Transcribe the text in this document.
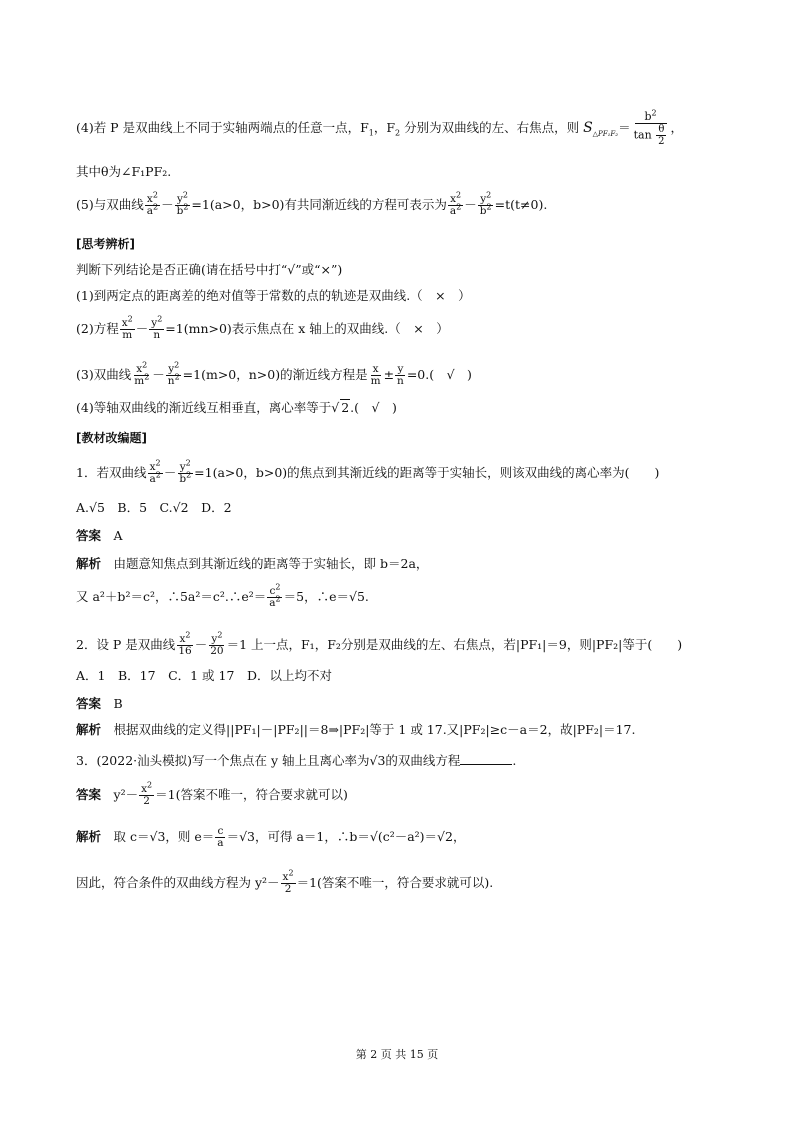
(4)若 P 是双曲线上不同于实轴两端点的任意一点，$F_1$，$F_2$ 分别为双曲线的左、右焦点，则 $S_{\triangle PF_1F_2}= \frac{b^2}{\tan \frac{\theta}{2}}$ ，
其中θ为∠F₁PF₂.
(5)与双曲线 $\frac{x^2}{a^2} - \frac{y^2}{b^2} =1(a>0$，b>0)有共同渐近线的方程可表示为 $\frac{x^2}{a^2} - \frac{y^2}{b^2} =t(t\ne 0)$.
[思考辨析]
判断下列结论是否正确(请在括号中打“√”或“×”)
(1)到两定点的距离差的绝对值等于常数的点的轨迹是双曲线.（　×　）
(2)方程 $\frac{x^2}{m} - \frac{y^2}{n} =1(mn>0)$表示焦点在 x 轴上的双曲线.（　×　）
(3)双曲线 $\frac{x^2}{m^2} - \frac{y^2}{n^2} =1(m>0$，n>0)的渐近线方程是 $\frac{x}{m} \pm \frac{y}{n} =0$.(　√　)
(4)等轴双曲线的渐近线互相垂直，离心率等于√ 2.(　√　)
[教材改编题]
1．若双曲线 $\frac{x^2}{a^2} - \frac{y^2}{b^2} =1(a>0$，b>0)的焦点到其渐近线的距离等于实轴长，则该双曲线的离心率为(　　)
A.√5　B．5　C.√2　D．2
答案　 A
解析　 由题意知焦点到其渐近线的距离等于实轴长，即 b＝2a，
又 a²＋b²＝c²，∴5a²＝c².∴e²＝ $\frac{c^2}{a^2} =5$，∴e＝√5.
2．设 P 是双曲线 $\frac{x^2}{16} - \frac{y^2}{20} =1$ 上一点，F₁，F₂分别是双曲线的左、右焦点，若|PF₁|＝9，则|PF₂|等于(　　)
A．1　B．17　C．1 或 17　D．以上均不对
答案　 B
解析　 根据双曲线的定义得||PF₁|－|PF₂||＝8⇒|PF₂|等于 1 或 17.又|PF₂|≥c－a＝2，故|PF₂|＝17.
3．(2022·汕头模拟)写一个焦点在 y 轴上且离心率为√3的双曲线方程	.
答案　 $y^2- \frac{x^2}{2} =1$(答案不唯一，符合要求就可以)
解析　 取 c＝√3，则 $e= \frac{c}{a} =√3$，可得 a＝1，∴b＝√(c²－a²)＝√2，
因此，符合条件的双曲线方程为 $y^2- \frac{x^2}{2} =1$(答案不唯一，符合要求就可以).
第 2 页 共 15 页
